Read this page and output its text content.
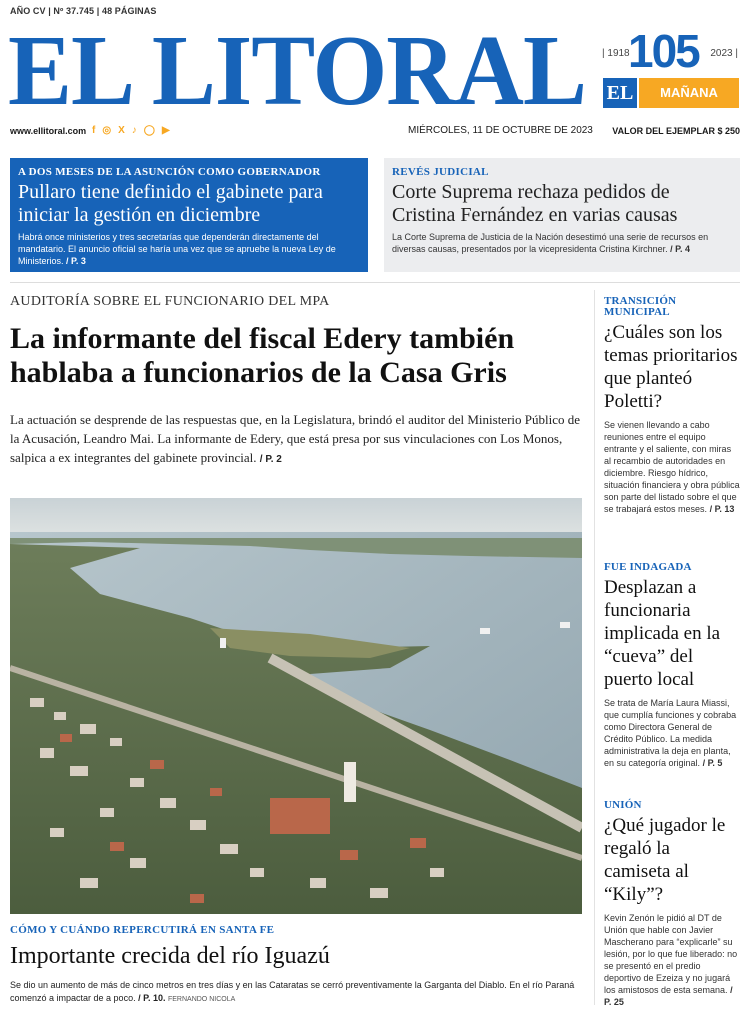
AÑO CV | Nº 37.745 | 48 PÁGINAS
EL LITORAL | 1918
105 2023 |
EL	MAÑANA
www.ellitoral.com f ◎ X ♪ ◯ ▶	MIÉRCOLES, 11 DE OCTUBRE DE 2023 VALOR DEL EJEMPLAR $ 250
A DOS MESES DE LA ASUNCIÓN COMO GOBERNADOR
Pullaro tiene definido el gabinete para iniciar la gestión en diciembre
Habrá once ministerios y tres secretarías que dependerán directamente del mandatario. El anuncio oficial se haría una vez que se apruebe la nueva Ley de Ministerios. / P. 3
REVÉS JUDICIAL
Corte Suprema rechaza pedidos de Cristina Fernández en varias causas
La Corte Suprema de Justicia de la Nación desestimó una serie de recursos en diversas causas, presentados por la vicepresidenta Cristina Kirchner. / P. 4
AUDITORÍA SOBRE EL FUNCIONARIO DEL MPA
La informante del fiscal Edery también hablaba a funcionarios de la Casa Gris
La actuación se desprende de las respuestas que, en la Legislatura, brindó el auditor del Ministerio Público de la Acusación, Leandro Mai. La informante de Edery, que está presa por sus vinculaciones con Los Monos, salpica a ex integrantes del gabinete provincial. / P. 2
CÓMO Y CUÁNDO REPERCUTIRÁ EN SANTA FE
Importante crecida del río Iguazú
Se dio un aumento de más de cinco metros en tres días y en las Cataratas se cerró preventivamente la Garganta del Diablo. En el río Paraná comenzó a impactar de a poco. / P. 10. FERNANDO NICOLA
TRANSICIÓN MUNICIPAL
¿Cuáles son los temas prioritarios que planteó Poletti?
Se vienen llevando a cabo reuniones entre el equipo entrante y el saliente, con miras al recambio de autoridades en diciembre. Riesgo hídrico, situación financiera y obra pública son parte del listado sobre el que se trabajará estos meses. / P. 13
FUE INDAGADA
Desplazan a funcionaria implicada en la “cueva” del puerto local
Se trata de María Laura Miassi, que cumplía funciones y cobraba como Directora General de Crédito Público. La medida administrativa la deja en planta, en su categoría original. / P. 5
UNIÓN
¿Qué jugador le regaló la camiseta al “Kily”?
Kevin Zenón le pidió al DT de Unión que hable con Javier Mascherano para “explicarle” su lesión, por lo que fue liberado: no se presentó en el predio deportivo de Ezeiza y no jugará los amistosos de esta semana. / P. 25
